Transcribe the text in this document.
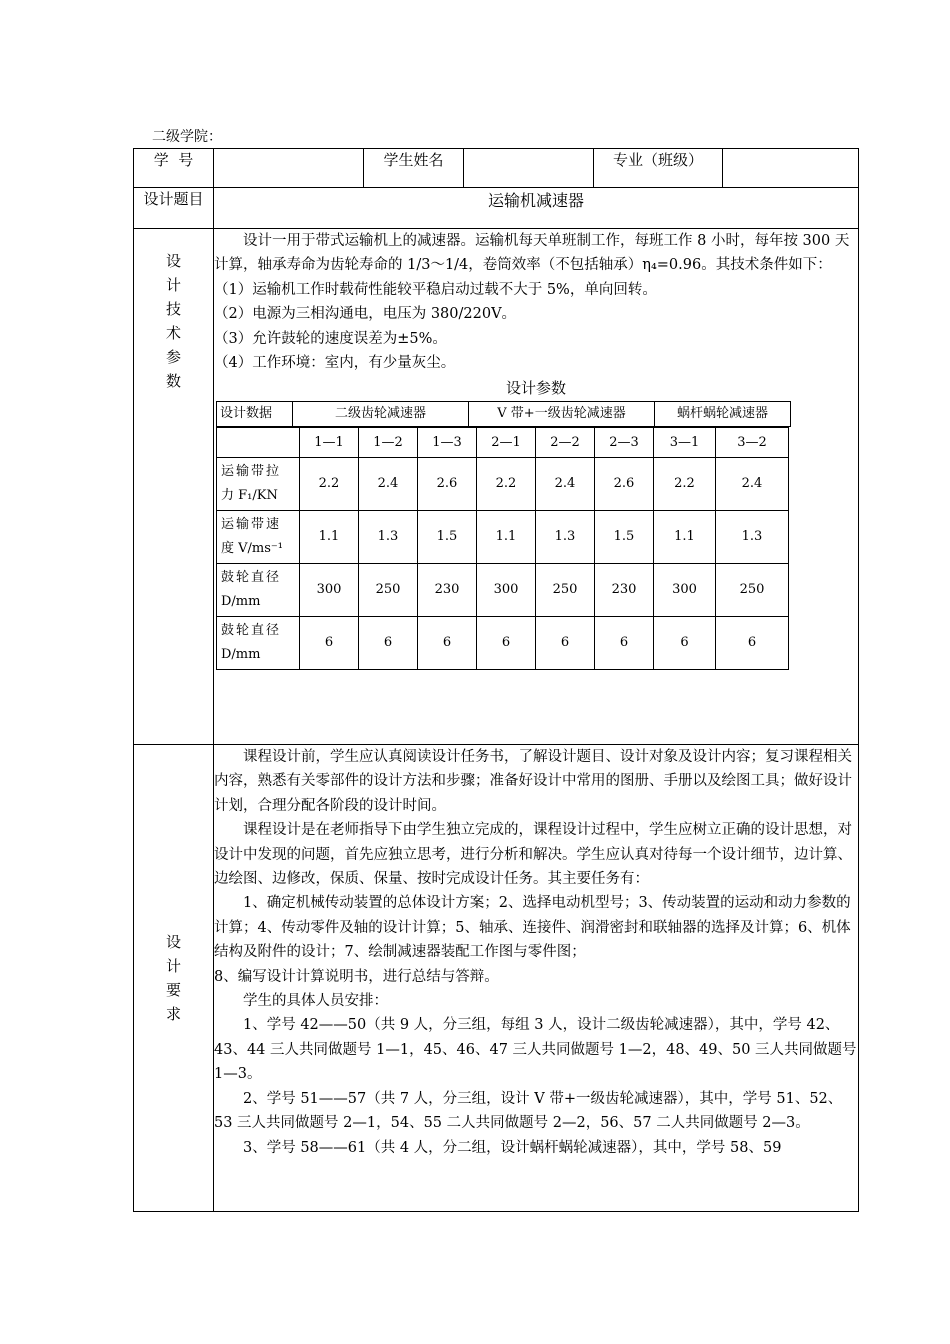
二级学院：
学  号		学生姓名		专业（班级）	
设计题目	运输机减速器

设
计
技
术
参
数

设计一用于带式运输机上的减速器。运输机每天单班制工作，每班工作 8 小时，每年按 300 天计算，轴承寿命为齿轮寿命的 1/3～1/4，卷筒效率（不包括轴承）η₄=0.96。其技术条件如下：

（1）运输机工作时载荷性能较平稳启动过载不大于 5%，单向回转。

（2）电源为三相沟通电，电压为 380/220V。

（3）允许鼓轮的速度误差为±5%。

（4）工作环境：室内，有少量灰尘。

设计参数
设计数据	二级齿轮减速器	V 带+一级齿轮减速器	蜗杆蜗轮减速器
	1—1	1—2	1—3	2—1	2—2	2—3	3—1	3—2
运输带拉
力 F₁/KN	2.2	2.4	2.6	2.2	2.4	2.6	2.2	2.4
运输带速
度 V/ms⁻¹	1.1	1.3	1.5	1.1	1.3	1.5	1.1	1.3
鼓轮直径
D/mm	300	250	230	300	250	230	300	250
鼓轮直径
D/mm	6	6	6	6	6	6	6	6

设
计
要
求

课程设计前，学生应认真阅读设计任务书，了解设计题目、设计对象及设计内容；复习课程相关内容，熟悉有关零部件的设计方法和步骤；准备好设计中常用的图册、手册以及绘图工具；做好设计计划，合理分配各阶段的设计时间。

课程设计是在老师指导下由学生独立完成的，课程设计过程中，学生应树立正确的设计思想，对设计中发现的问题，首先应独立思考，进行分析和解决。学生应认真对待每一个设计细节，边计算、边绘图、边修改，保质、保量、按时完成设计任务。其主要任务有：

1、确定机械传动装置的总体设计方案；2、选择电动机型号；3、传动装置的运动和动力参数的计算；4、传动零件及轴的设计计算；5、轴承、连接件、润滑密封和联轴器的选择及计算；6、机体结构及附件的设计；7、绘制减速器装配工作图与零件图；

8、编写设计计算说明书，进行总结与答辩。

学生的具体人员安排：

1、学号 42——50（共 9 人，分三组，每组 3 人，设计二级齿轮减速器），其中，学号 42、43、44 三人共同做题号 1—1，45、46、47 三人共同做题号 1—2，48、49、50 三人共同做题号 1—3。

2、学号 51——57（共 7 人，分三组，设计 V 带+一级齿轮减速器），其中，学号 51、52、53 三人共同做题号 2—1，54、55 二人共同做题号 2—2，56、57 二人共同做题号 2—3。

3、学号 58——61（共 4 人，分二组，设计蜗杆蜗轮减速器），其中，学号 58、59
